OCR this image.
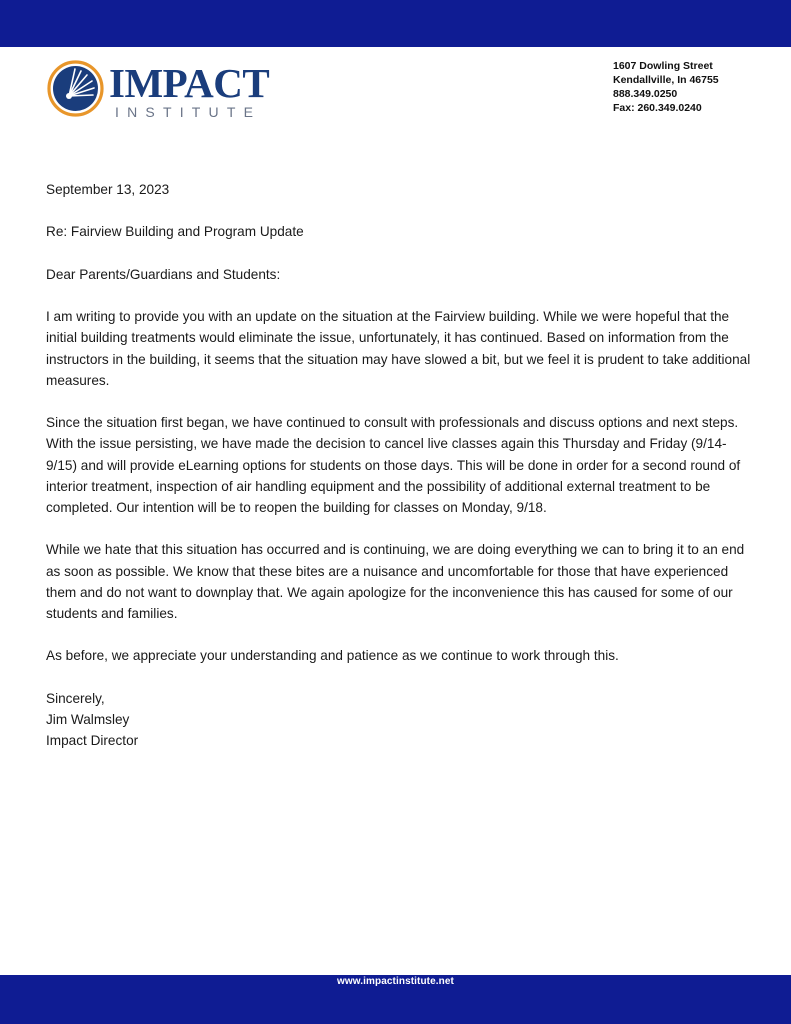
IMPACT
INSTITUTE
1607 Dowling Street
Kendallville, In 46755
888.349.0250
Fax: 260.349.0240

September 13, 2023

Re: Fairview Building and Program Update

Dear Parents/Guardians and Students:

I am writing to provide you with an update on the situation at the Fairview building. While we were hopeful that the initial building treatments would eliminate the issue, unfortunately, it has continued. Based on information from the instructors in the building, it seems that the situation may have slowed a bit, but we feel it is prudent to take additional measures.

Since the situation first began, we have continued to consult with professionals and discuss options and next steps. With the issue persisting, we have made the decision to cancel live classes again this Thursday and Friday (9/14-9/15) and will provide eLearning options for students on those days. This will be done in order for a second round of interior treatment, inspection of air handling equipment and the possibility of additional external treatment to be completed. Our intention will be to reopen the building for classes on Monday, 9/18.

While we hate that this situation has occurred and is continuing, we are doing everything we can to bring it to an end as soon as possible. We know that these bites are a nuisance and uncomfortable for those that have experienced them and do not want to downplay that. We again apologize for the inconvenience this has caused for some of our students and families.

As before, we appreciate your understanding and patience as we continue to work through this.

Sincerely,
Jim Walmsley
Impact Director
www.impactinstitute.net
